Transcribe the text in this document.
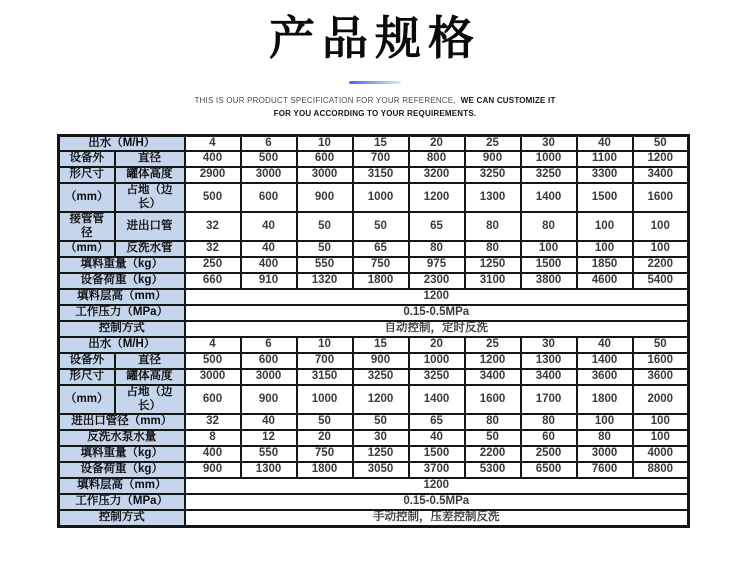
产品规格

THIS IS OUR PRODUCT SPECIFICATION FOR YOUR REFERENCE, WE CAN CUSTOMIZE IT
FOR YOU ACCORDING TO YOUR REQUIREMENTS.

出水（M/H）		4	6	10	15	20	25	30	40	50
设备外	直径	400	500	600	700	800	900	1000	1100	1200
形尺寸	罐体高度	2900	3000	3000	3150	3200	3250	3250	3300	3400
（mm）	占地（边长）	500	600	900	1000	1200	1300	1400	1500	1600
接管管径	进出口管	32	40	50	50	65	80	80	100	100
（mm）	反洗水管	32	40	50	65	80	80	100	100	100
填料重量（kg）		250	400	550	750	975	1250	1500	1850	2200
设备荷重（kg）		660	910	1320	1800	2300	3100	3800	4600	5400
填料层高（mm）		1200								
工作压力（MPa）		0.15-0.5MPa								
控制方式		自动控制，定时反洗								
出水（M/H）		4	6	10	15	20	25	30	40	50
设备外	直径	500	600	700	900	1000	1200	1300	1400	1600
形尺寸	罐体高度	3000	3000	3150	3250	3250	3400	3400	3600	3600
（mm）	占地（边长）	600	900	1000	1200	1400	1600	1700	1800	2000
进出口管径（mm）		32	40	50	50	65	80	80	100	100
反洗水泵水量		8	12	20	30	40	50	60	80	100
填料重量（kg）		400	550	750	1250	1500	2200	2500	3000	4000
设备荷重（kg）		900	1300	1800	3050	3700	5300	6500	7600	8800
填料层高（mm）		1200								
工作压力（MPa）		0.15-0.5MPa								
控制方式		手动控制，压差控制反洗								
